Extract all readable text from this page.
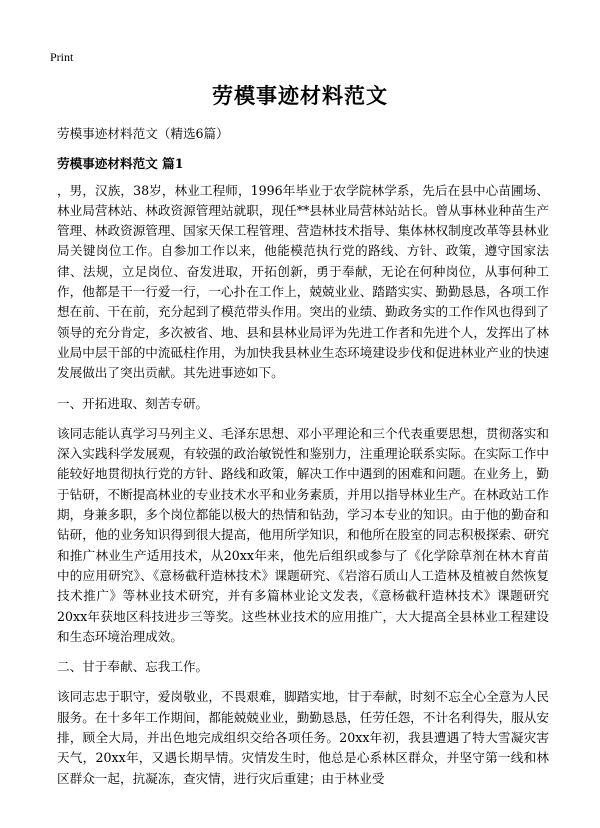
Print
劳模事迹材料范文

劳模事迹材料范文（精选6篇）

劳模事迹材料范文 篇1

，男，汉族，38岁，林业工程师，1996年毕业于农学院林学系，先后在县中心苗圃场、林业局营林站、林政资源管理站就职，现任**县林业局营林站站长。曾从事林业种苗生产管理、林政资源管理、国家天保工程管理、营造林技术指导、集体林权制度改革等县林业局关键岗位工作。自参加工作以来，他能模范执行党的路线、方针、政策，遵守国家法律、法规，立足岗位、奋发进取，开拓创新，勇于奉献，无论在何种岗位，从事何种工作，他都是干一行爱一行，一心扑在工作上，兢兢业业、踏踏实实、勤勤恳恳，各项工作想在前、干在前，充分起到了模范带头作用。突出的业绩、勤政务实的工作作风也得到了领导的充分肯定，多次被省、地、县和县林业局评为先进工作者和先进个人，发挥出了林业局中层干部的中流砥柱作用，为加快我县林业生态环境建设步伐和促进林业产业的快速发展做出了突出贡献。其先进事迹如下。

一、开拓进取、刻苦专研。

该同志能认真学习马列主义、毛泽东思想、邓小平理论和三个代表重要思想，贯彻落实和深入实践科学发展观，有较强的政治敏锐性和鉴别力，注重理论联系实际。在实际工作中能较好地贯彻执行党的方针、路线和政策，解决工作中遇到的困难和问题。在业务上，勤于钻研，不断提高林业的专业技术水平和业务素质，并用以指导林业生产。在林政站工作期，身兼多职，多个岗位都能以极大的热情和钻劲，学习本专业的知识。由于他的勤奋和钻研，他的业务知识得到很大提高，他用所学知识，和他所在股室的同志积极探索、研究和推广林业生产适用技术，从20xx年来，他先后组织或参与了《化学除草剂在林木育苗中的应用研究》、《意杨截秆造林技术》课题研究、《岩溶石质山人工造林及植被自然恢复技术推广》等林业技术研究，并有多篇林业论文发表，《意杨截秆造林技术》课题研究20xx年获地区科技进步三等奖。这些林业技术的应用推广，大大提高全县林业工程建设和生态环境治理成效。

二、甘于奉献、忘我工作。

该同志忠于职守，爱岗敬业，不畏艰难，脚踏实地，甘于奉献，时刻不忘全心全意为人民服务。在十多年工作期间，都能兢兢业业，勤勤恳恳，任劳任怨，不计名利得失，服从安排，顾全大局，并出色地完成组织交给各项任务。20xx年初，我县遭遇了特大雪凝灾害天气，20xx年，又遇长期旱情。灾情发生时，他总是心系林区群众，并坚守第一线和林区群众一起，抗凝冻，查灾情，进行灾后重建；由于林业受
